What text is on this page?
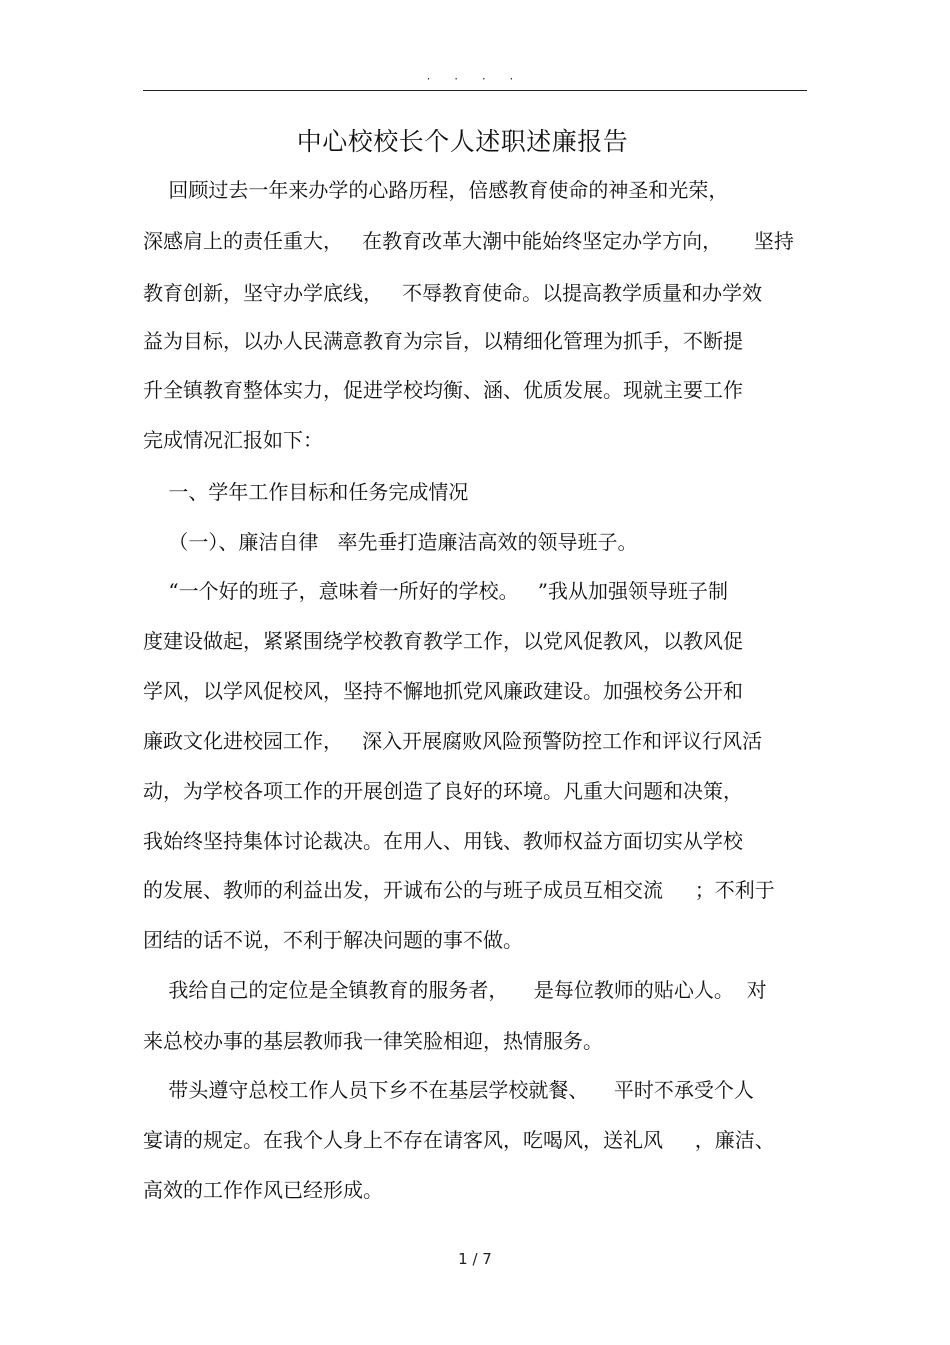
· · · ·
中心校校长个人述职述廉报告
回顾过去一年来办学的心路历程，倍感教育使命的神圣和光荣，
深感肩上的责任重大，   在教育改革大潮中能始终坚定办学方向，     坚持
教育创新，坚守办学底线，   不辱教育使命。以提高教学质量和办学效
益为目标，以办人民满意教育为宗旨，以精细化管理为抓手，不断提
升全镇教育整体实力，促进学校均衡、涵、优质发展。现就主要工作
完成情况汇报如下：
一、学年工作目标和任务完成情况
（一）、廉洁自律   率先垂打造廉洁高效的领导班子。
“一个好的班子，意味着一所好的学校。   ”我从加强领导班子制
度建设做起，紧紧围绕学校教育教学工作，以党风促教风，以教风促
学风，以学风促校风，坚持不懈地抓党风廉政建设。加强校务公开和
廉政文化进校园工作，   深入开展腐败风险预警防控工作和评议行风活
动，为学校各项工作的开展创造了良好的环境。凡重大问题和决策，
我始终坚持集体讨论裁决。在用人、用钱、教师权益方面切实从学校
的发展、教师的利益出发，开诚布公的与班子成员互相交流     ；不利于
团结的话不说，不利于解决问题的事不做。
我给自己的定位是全镇教育的服务者，    是每位教师的贴心人。  对
来总校办事的基层教师我一律笑脸相迎，热情服务。
带头遵守总校工作人员下乡不在基层学校就餐、    平时不承受个人
宴请的规定。在我个人身上不存在请客风，吃喝风，送礼风     ，廉洁、
高效的工作作风已经形成。
1 / 7
